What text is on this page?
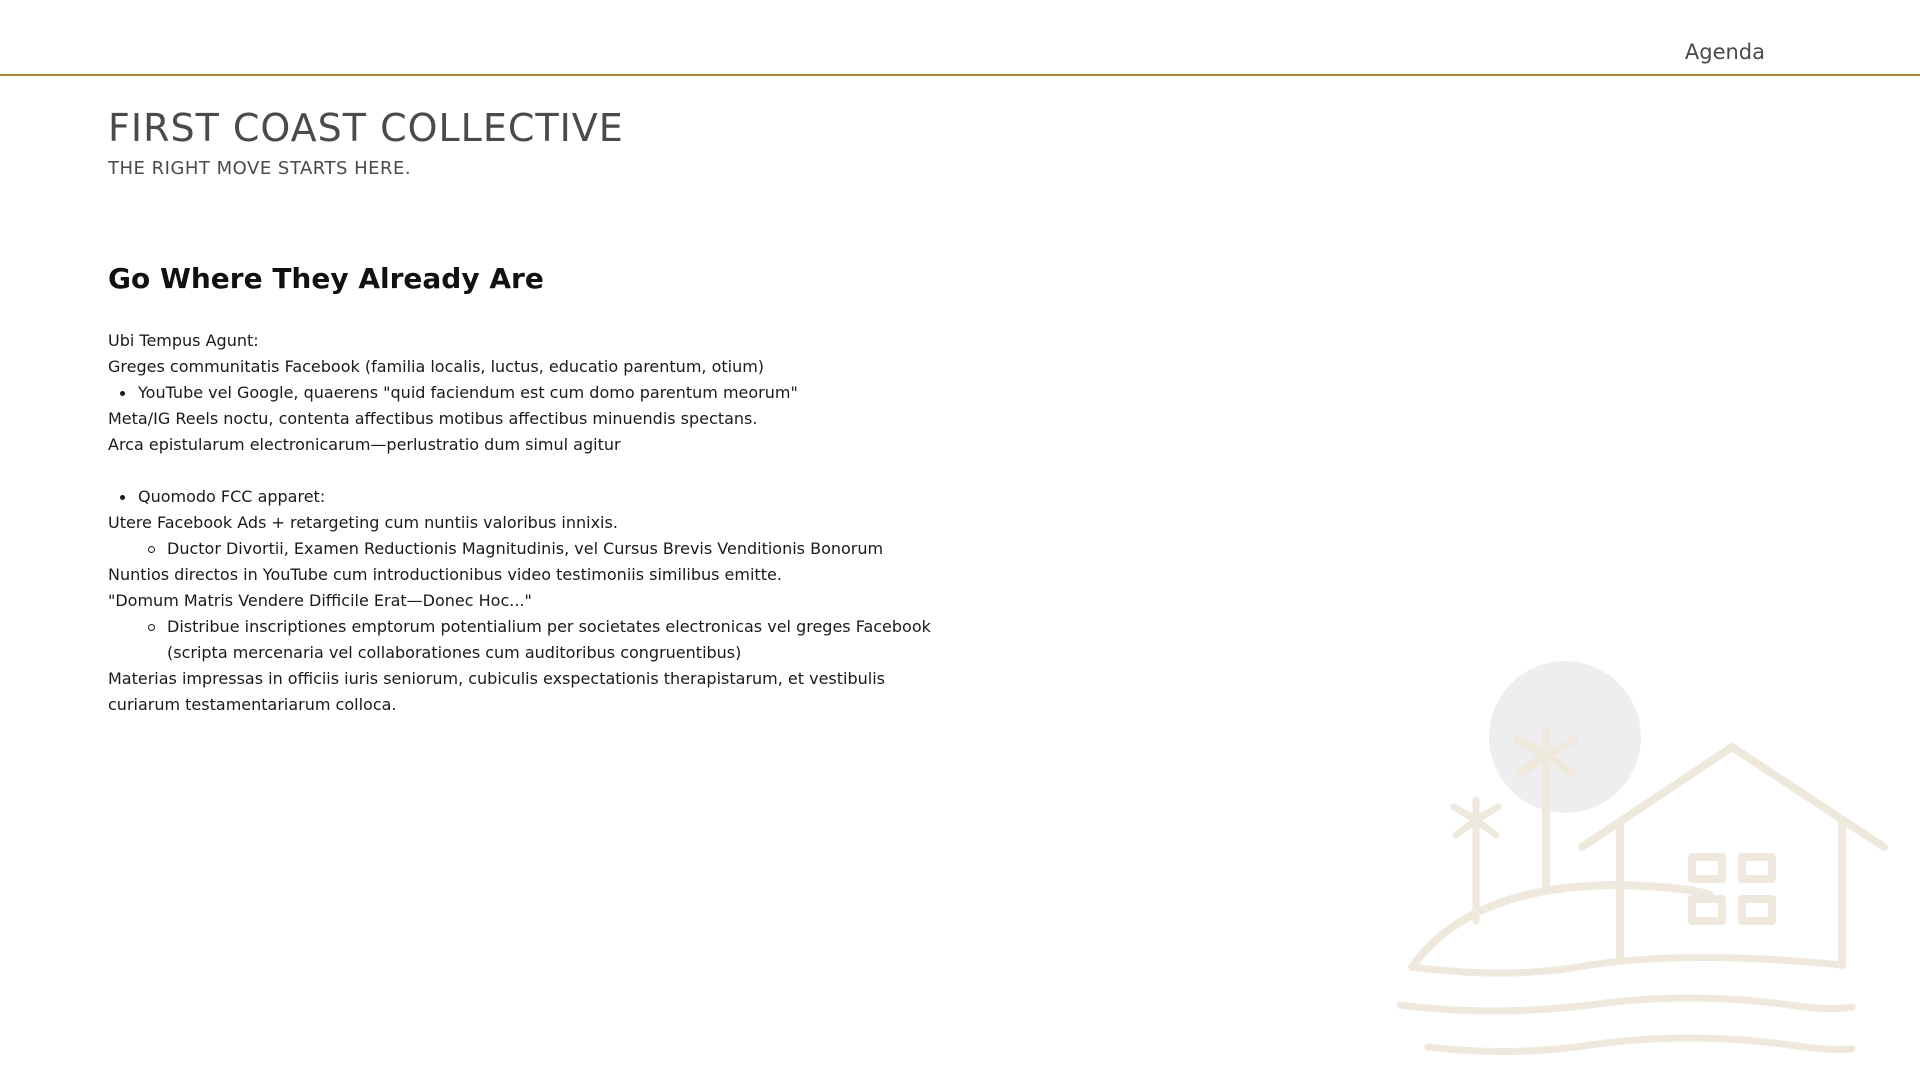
Agenda
FIRST COAST COLLECTIVE

THE RIGHT MOVE STARTS HERE.

Go Where They Already Are
Ubi Tempus Agunt:
Greges communitatis Facebook (familia localis, luctus, educatio parentum, otium)
YouTube vel Google, quaerens "quid faciendum est cum domo parentum meorum"
Meta/IG Reels noctu, contenta affectibus motibus affectibus minuendis spectans.
Arca epistularum electronicarum—perlustratio dum simul agitur
Quomodo FCC apparet:
Utere Facebook Ads + retargeting cum nuntiis valoribus innixis.
Ductor Divortii, Examen Reductionis Magnitudinis, vel Cursus Brevis Venditionis Bonorum
Nuntios directos in YouTube cum introductionibus video testimoniis similibus emitte.
"Domum Matris Vendere Difficile Erat—Donec Hoc..."
Distribue inscriptiones emptorum potentialium per societates electronicas vel greges Facebook (scripta mercenaria vel collaborationes cum auditoribus congruentibus)
Materias impressas in officiis iuris seniorum, cubiculis exspectationis therapistarum, et vestibulis curiarum testamentariarum colloca.
